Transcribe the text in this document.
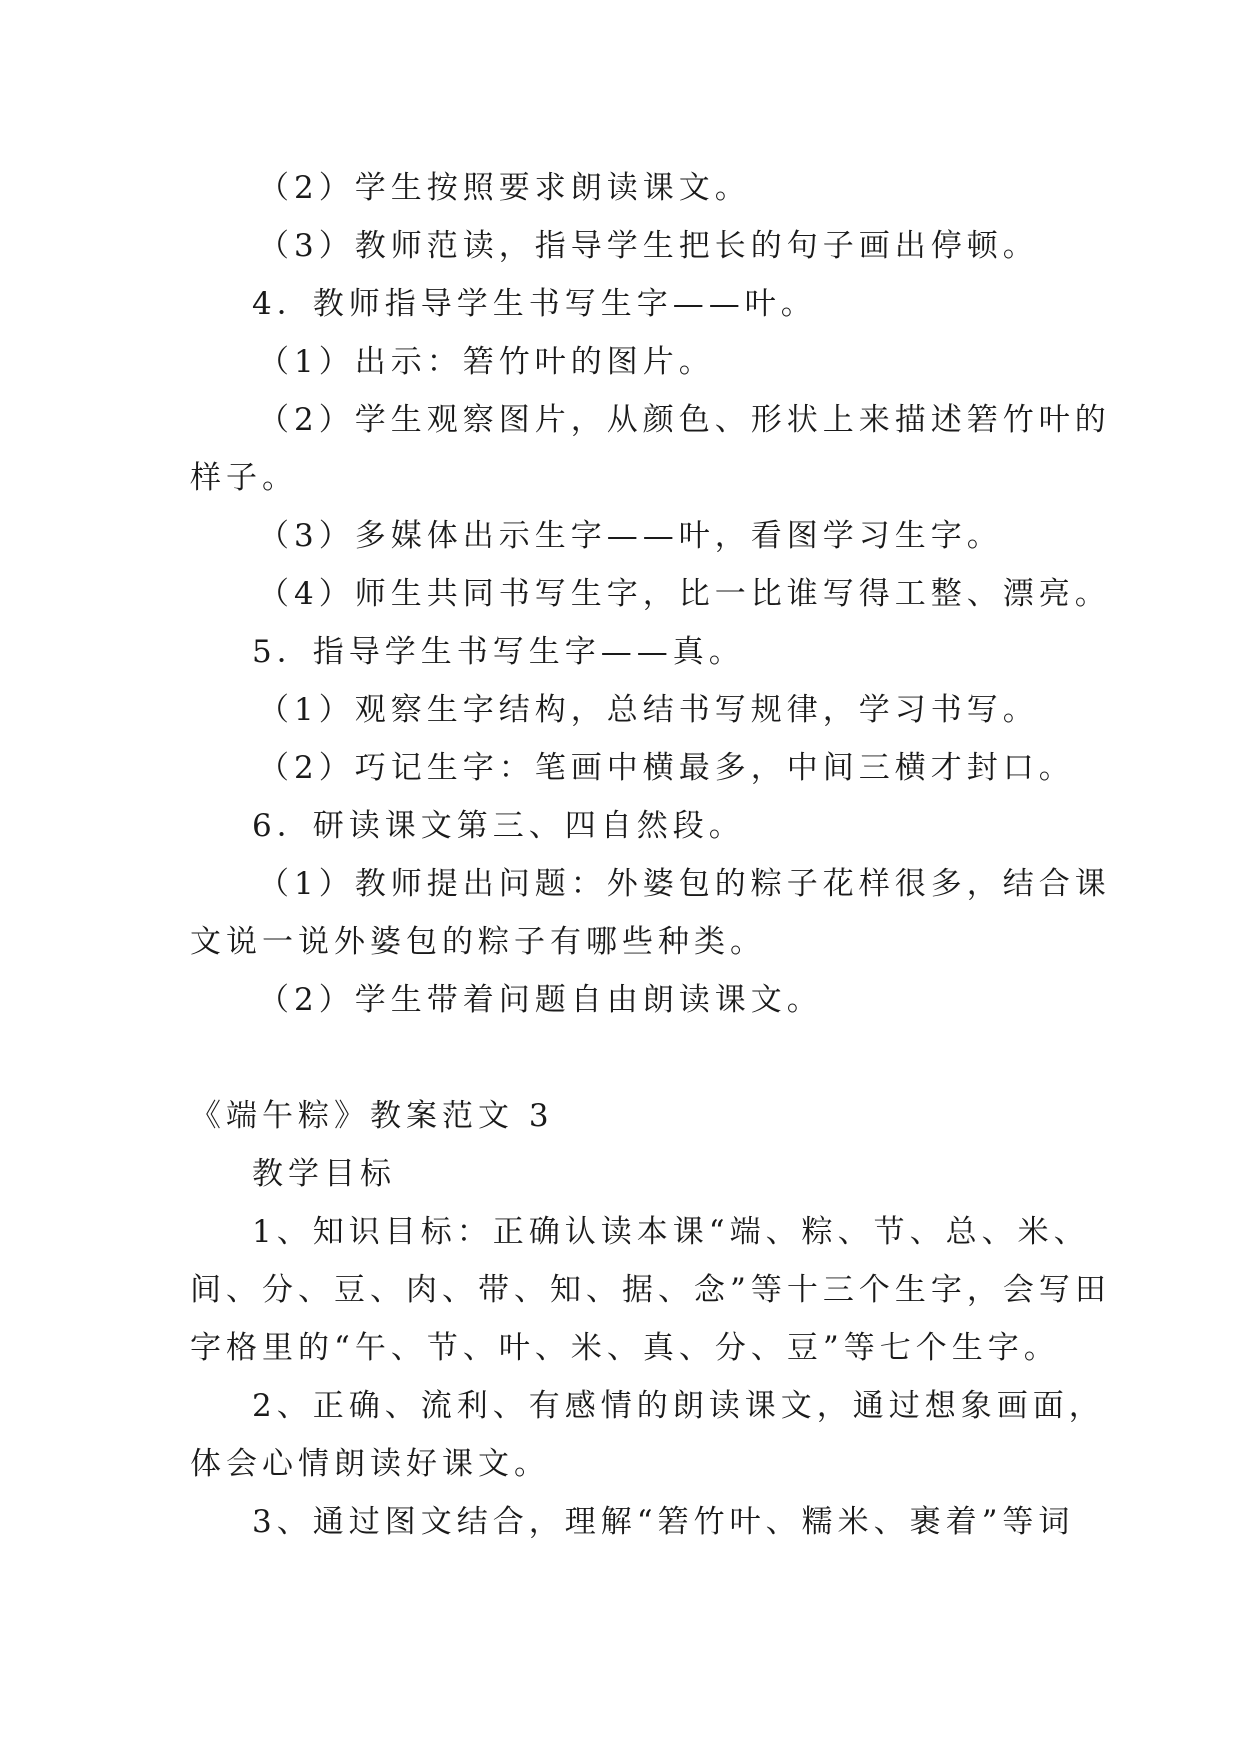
（2）学生按照要求朗读课文。
（3）教师范读，指导学生把长的句子画出停顿。
4．教师指导学生书写生字——叶。
（1）出示：箬竹叶的图片。
（2）学生观察图片，从颜色、形状上来描述箬竹叶的
样子。
（3）多媒体出示生字——叶，看图学习生字。
（4）师生共同书写生字，比一比谁写得工整、漂亮。
5．指导学生书写生字——真。
（1）观察生字结构，总结书写规律，学习书写。
（2）巧记生字：笔画中横最多，中间三横才封口。
6．研读课文第三、四自然段。
（1）教师提出问题：外婆包的粽子花样很多，结合课
文说一说外婆包的粽子有哪些种类。
（2）学生带着问题自由朗读课文。
《端午粽》教案范文 3
教学目标
1、知识目标：正确认读本课“端、粽、节、总、米、
间、分、豆、肉、带、知、据、念”等十三个生字，会写田
字格里的“午、节、叶、米、真、分、豆”等七个生字。
2、正确、流利、有感情的朗读课文，通过想象画面，
体会心情朗读好课文。
3、通过图文结合，理解“箬竹叶、糯米、裹着”等词
